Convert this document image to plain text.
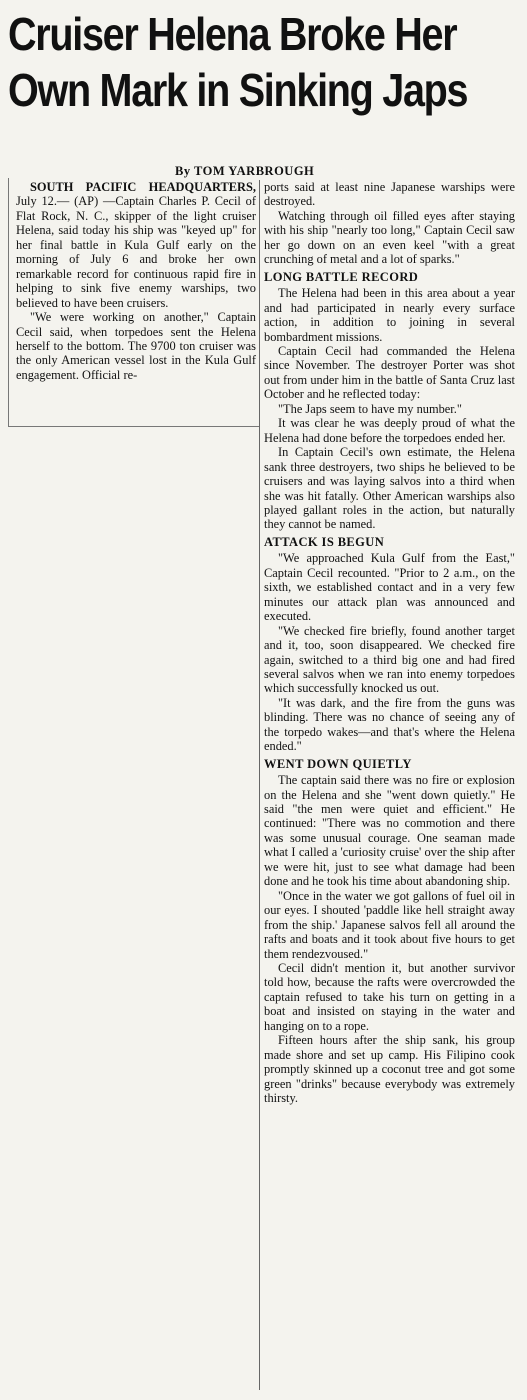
Cruiser Helena Broke Her
Own Mark in Sinking Japs
By TOM YARBROUGH

SOUTH PACIFIC HEADQUARTERS, July 12.— (AP) —Captain Charles P. Cecil of Flat Rock, N. C., skipper of the light cruiser Helena, said today his ship was "keyed up" for her final battle in Kula Gulf early on the morning of July 6 and broke her own remarkable record for continuous rapid fire in helping to sink five enemy warships, two believed to have been cruisers.

"We were working on another," Captain Cecil said, when torpedoes sent the Helena herself to the bottom. The 9700 ton cruiser was the only American vessel lost in the Kula Gulf engagement. Official re-

ports said at least nine Japanese warships were destroyed.

Watching through oil filled eyes after staying with his ship "nearly too long," Captain Cecil saw her go down on an even keel "with a great crunching of metal and a lot of sparks."

LONG BATTLE RECORD

The Helena had been in this area about a year and had participated in nearly every surface action, in addition to joining in several bombardment missions.

Captain Cecil had commanded the Helena since November. The destroyer Porter was shot out from under him in the battle of Santa Cruz last October and he reflected today:

"The Japs seem to have my number."

It was clear he was deeply proud of what the Helena had done before the torpedoes ended her.

In Captain Cecil's own estimate, the Helena sank three destroyers, two ships he believed to be cruisers and was laying salvos into a third when she was hit fatally. Other American warships also played gallant roles in the action, but naturally they cannot be named.

ATTACK IS BEGUN

"We approached Kula Gulf from the East," Captain Cecil recounted. "Prior to 2 a.m., on the sixth, we established contact and in a very few minutes our attack plan was announced and executed.

"We checked fire briefly, found another target and it, too, soon disappeared. We checked fire again, switched to a third big one and had fired several salvos when we ran into enemy torpedoes which successfully knocked us out.

"It was dark, and the fire from the guns was blinding. There was no chance of seeing any of the torpedo wakes—and that's where the Helena ended."

WENT DOWN QUIETLY

The captain said there was no fire or explosion on the Helena and she "went down quietly." He said "the men were quiet and efficient." He continued: "There was no commotion and there was some unusual courage. One seaman made what I called a 'curiosity cruise' over the ship after we were hit, just to see what damage had been done and he took his time about abandoning ship.

"Once in the water we got gallons of fuel oil in our eyes. I shouted 'paddle like hell straight away from the ship.' Japanese salvos fell all around the rafts and boats and it took about five hours to get them rendezvoused."

Cecil didn't mention it, but another survivor told how, because the rafts were overcrowded the captain refused to take his turn on getting in a boat and insisted on staying in the water and hanging on to a rope.

Fifteen hours after the ship sank, his group made shore and set up camp. His Filipino cook promptly skinned up a coconut tree and got some green "drinks" because everybody was extremely thirsty.
